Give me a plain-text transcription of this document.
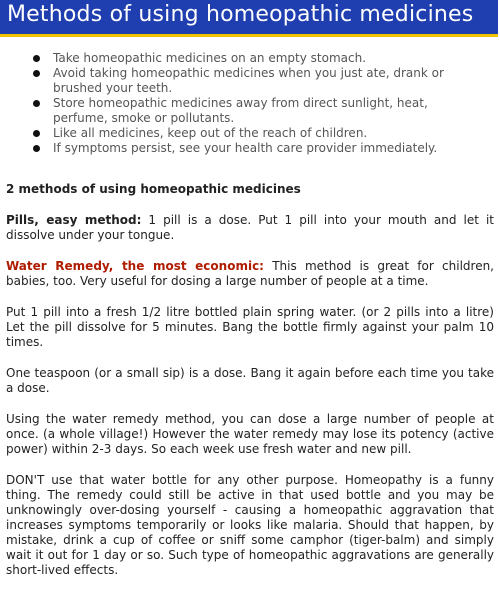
Methods of using homeopathic medicines
Take homeopathic medicines on an empty stomach.
Avoid taking homeopathic medicines when you just ate, drank or brushed your teeth.
Store homeopathic medicines away from direct sunlight, heat, perfume, smoke or pollutants.
Like all medicines, keep out of the reach of children.
If symptoms persist, see your health care provider immediately.

2 methods of using homeopathic medicines

Pills, easy method: 1 pill is a dose. Put 1 pill into your mouth and let it dissolve under your tongue.

Water Remedy, the most economic: This method is great for children, babies, too. Very useful for dosing a large number of people at a time.

Put 1 pill into a fresh 1/2 litre bottled plain spring water. (or 2 pills into a litre) Let the pill dissolve for 5 minutes. Bang the bottle firmly against your palm 10 times.

One teaspoon (or a small sip) is a dose. Bang it again before each time you take a dose.

Using the water remedy method, you can dose a large number of people at once. (a whole village!) However the water remedy may lose its potency (active power) within 2-3 days. So each week use fresh water and new pill.

DON'T use that water bottle for any other purpose. Homeopathy is a funny thing. The remedy could still be active in that used bottle and you may be unknowingly over-dosing yourself - causing a homeopathic aggravation that increases symptoms temporarily or looks like malaria. Should that happen, by mistake, drink a cup of coffee or sniff some camphor (tiger-balm) and simply wait it out for 1 day or so. Such type of homeopathic aggravations are generally short-lived effects.
